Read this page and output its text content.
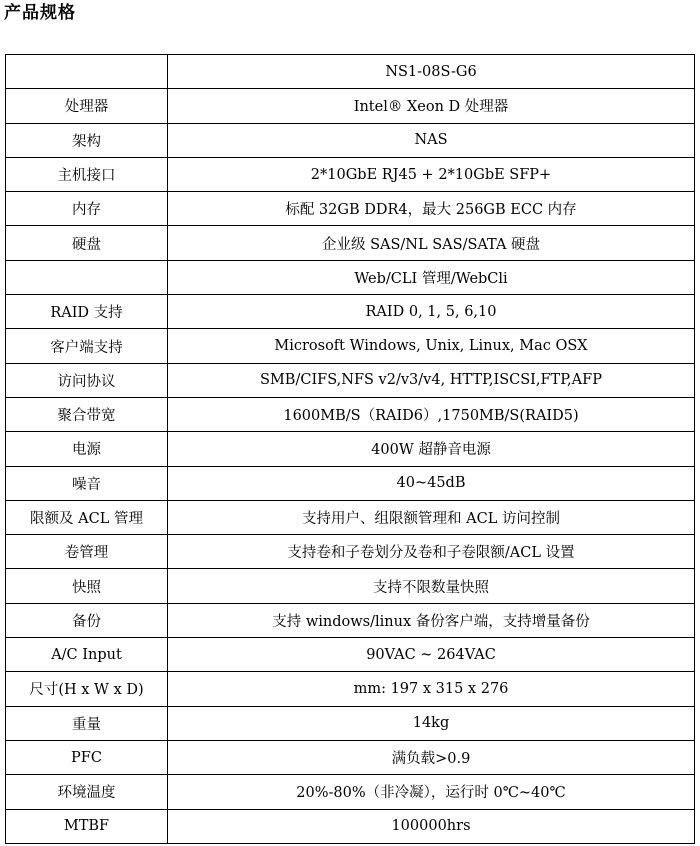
产品规格
	NS1-08S-G6
处理器	Intel® Xeon D 处理器
架构	NAS
主机接口	2*10GbE RJ45 + 2*10GbE SFP+
内存	标配 32GB DDR4，最大 256GB ECC 内存
硬盘	企业级 SAS/NL SAS/SATA 硬盘
	Web/CLI 管理/WebCli
RAID 支持	RAID 0, 1, 5, 6,10
客户端支持	Microsoft Windows, Unix, Linux, Mac OSX
访问协议	SMB/CIFS,NFS v2/v3/v4, HTTP,ISCSI,FTP,AFP
聚合带宽	1600MB/S（RAID6）,1750MB/S(RAID5)
电源	400W 超静音电源
噪音	40~45dB
限额及 ACL 管理	支持用户、组限额管理和 ACL 访问控制
卷管理	支持卷和子卷划分及卷和子卷限额/ACL 设置
快照	支持不限数量快照
备份	支持 windows/linux 备份客户端，支持增量备份
A/C Input	90VAC ~ 264VAC
尺寸(H x W x D)	mm: 197 x 315 x 276
重量	14kg
PFC	满负载>0.9
环境温度	20%-80%（非冷凝），运行时 0℃~40℃
MTBF	100000hrs
